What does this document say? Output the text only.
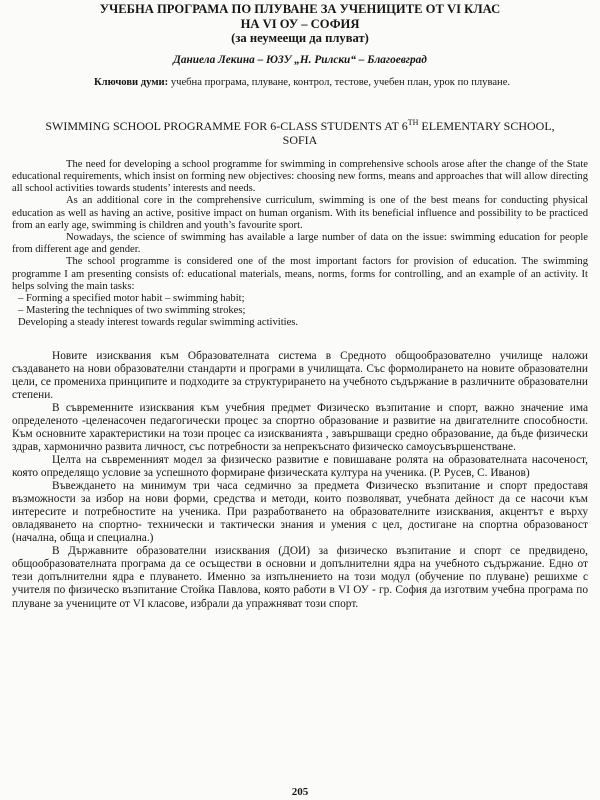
УЧЕБНА ПРОГРАМА ПО ПЛУВАНЕ ЗА УЧЕНИЦИТЕ ОТ VI КЛАС
НА VI ОУ – СОФИЯ
(за неумеещи да плуват)
Даниела Лекина – ЮЗУ „Н. Рилски“ – Благоевград
Ключови думи: учебна програма, плуване, контрол, тестове, учебен план, урок по плуване.
SWIMMING SCHOOL PROGRAMME FOR 6-CLASS STUDENTS AT 6TH ELEMENTARY SCHOOL,
SOFIA

The need for developing a school programme for swimming in comprehensive schools arose after the change of the State educational requirements, which insist on forming new objectives: choosing new forms, means and approaches that will allow directing all school activities towards students’ interests and needs.

As an additional core in the comprehensive curriculum, swimming is one of the best means for conducting physical education as well as having an active, positive impact on human organism. With its beneficial influence and possibility to be practiced from an early age, swimming is children and youth’s favourite sport.

Nowadays, the science of swimming has available a large number of data on the issue: swimming education for people from different age and gender.

The school programme is considered one of the most important factors for provision of education. The swimming programme I am presenting consists of: educational materials, means, norms, forms for controlling, and an example of an activity. It helps solving the main tasks:

– Forming a specified motor habit – swimming habit;

– Mastering the techniques of two swimming strokes;

Developing a steady interest towards regular swimming activities.

Новите изисквания към Образователната система в Средното общообразователно училище наложи създаването на нови образователни стандарти и програми в училищата. Със формолирането на новите образователни цели, се промениха принципите и подходите за структурирането на учебното съдържание в различните образователни степени.

В съвременните изисквания към учебния предмет Физическо възпитание и спорт, важно значение има определеното -целенасочен педагогически процес за спортно образование и развитие на двигателните способности. Към основните характеристики на този процес са изискванията , завършващи средно образование, да бъде физически здрав, хармонично развита личност, със потребности за непрекъснато физическо самоусъвършенстване.

Целта на съвременният модел за физическо развитие е повишаване ролята на образователната насоченост, която определящо условие за успешното формиране физическата култура на ученика. (Р. Русев, С. Иванов)

Въвеждането на минимум три часа седмично за предмета Физическо възпитание и спорт предоставя възможности за избор на нови форми, средства и методи, които позволяват, учебната дейност да се насочи към интересите и потребностите на ученика. При разработването на образователните изисквания, акцентът е върху овладяването на спортно- технически и тактически знания и умения с цел, достигане на спортна образованост (начална, обща и специална.)

В Държавните образователни изисквания (ДОИ) за физическо възпитание и спорт се предвидено, общообразователната програма да се осъществи в основни и допълнителни ядра на учебното съдържание. Едно от тези допълнителни ядра е плуването. Именно за изпълнението на този модул (обучение по плуване) решихме с учителя по физическо възпитание Стойка Павлова, която работи в VI ОУ - гр. София да изготвим учебна програма по плуване за учениците от VI класове, избрали да упражняват този спорт.

205
